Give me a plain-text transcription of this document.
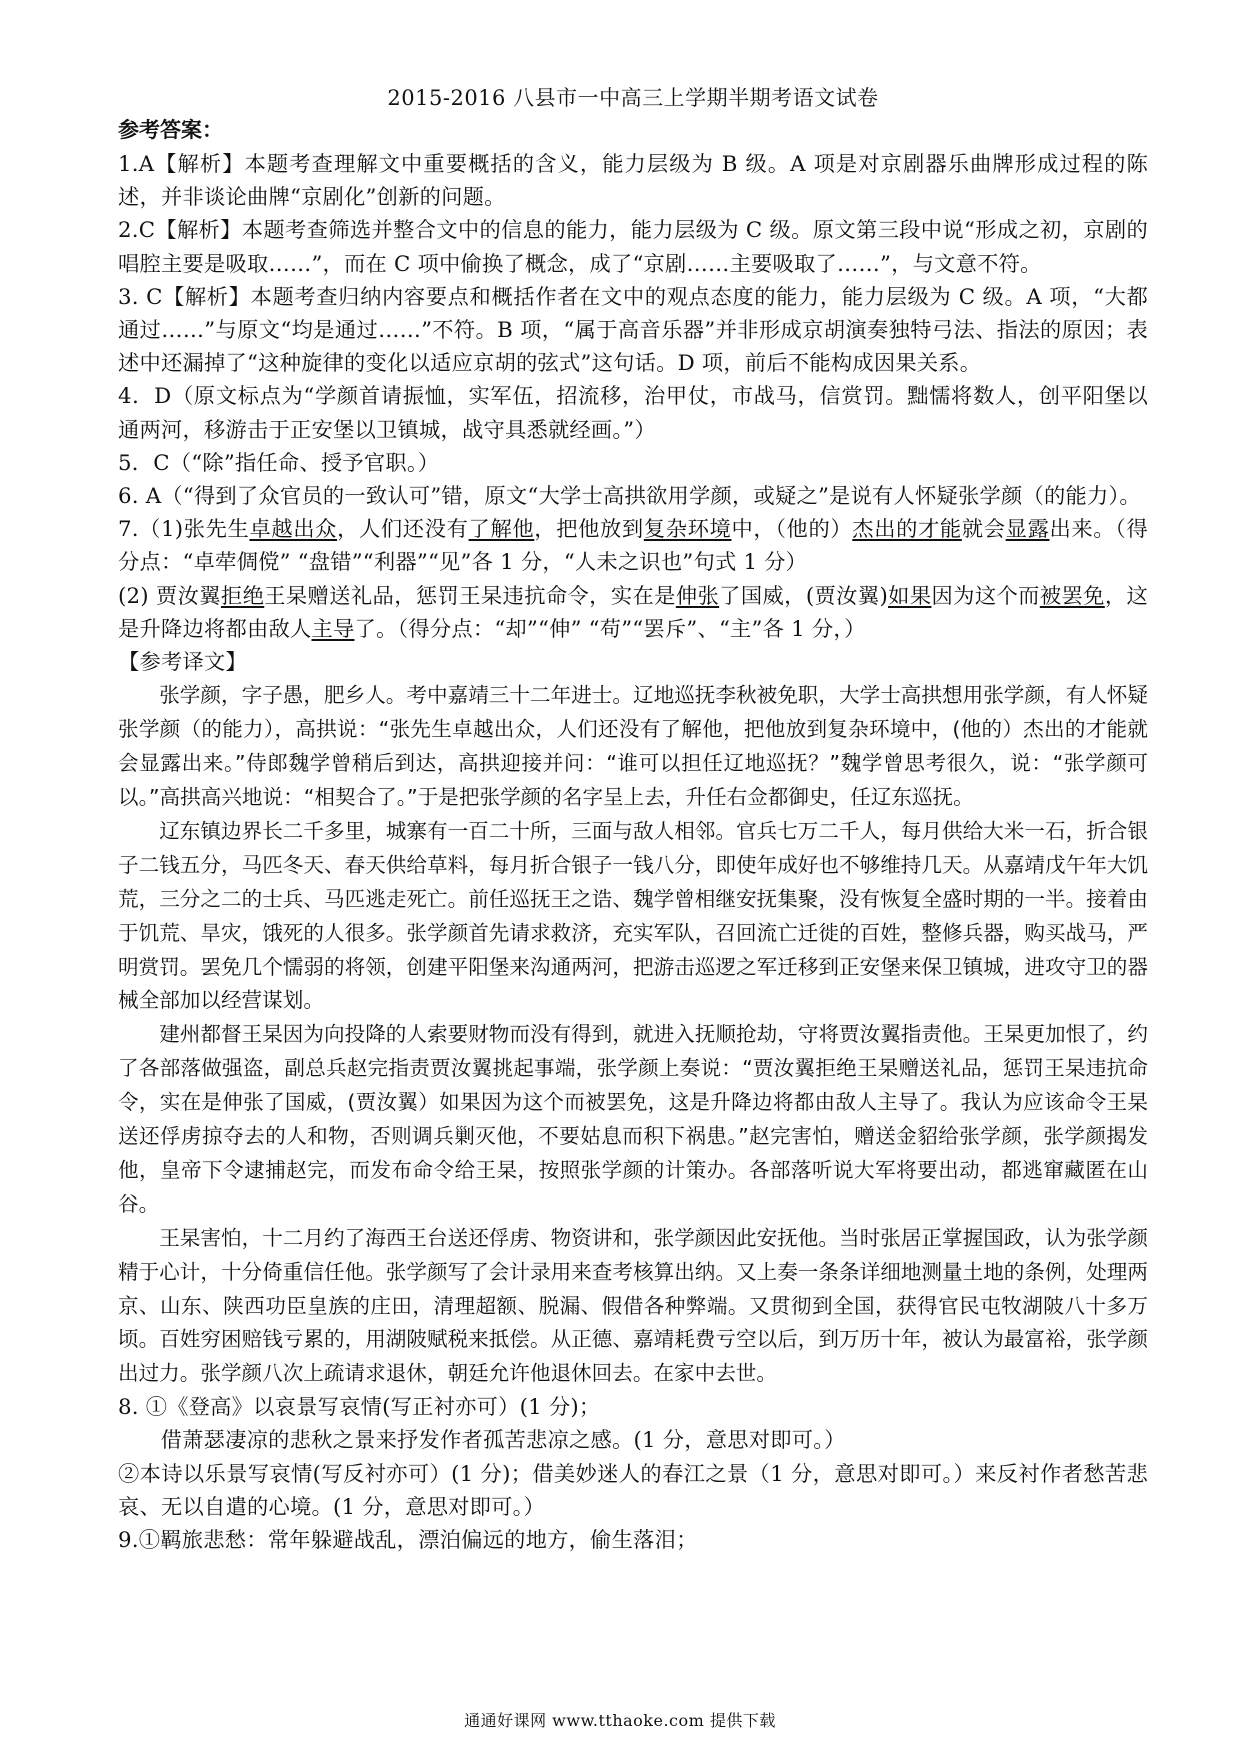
2015-2016 八县市一中高三上学期半期考语文试卷
参考答案：

1.A【解析】本题考查理解文中重要概括的含义，能力层级为 B 级。A 项是对京剧器乐曲牌形成过程的陈述，并非谈论曲牌“京剧化”创新的问题。

2.C【解析】本题考查筛选并整合文中的信息的能力，能力层级为 C 级。原文第三段中说“形成之初，京剧的唱腔主要是吸取……”，而在 C 项中偷换了概念，成了“京剧……主要吸取了……”，与文意不符。

3. C【解析】本题考查归纳内容要点和概括作者在文中的观点态度的能力，能力层级为 C 级。A 项，“大都通过……”与原文“均是通过……”不符。B 项，“属于高音乐器”并非形成京胡演奏独特弓法、指法的原因；表述中还漏掉了“这种旋律的变化以适应京胡的弦式”这句话。D 项，前后不能构成因果关系。

4．D（原文标点为“学颜首请振恤，实军伍，招流移，治甲仗，市战马，信赏罚。黜懦将数人，创平阳堡以通两河，移游击于正安堡以卫镇城，战守具悉就经画。”）

5．C（“除”指任命、授予官职。）

6. A（“得到了众官员的一致认可”错，原文“大学士高拱欲用学颜，或疑之”是说有人怀疑张学颜（的能力）。

7.（1)张先生卓越出众，人们还没有了解他，把他放到复杂环境中，（他的）杰出的才能就会显露出来。（得分点：“卓荦倜傥” “盘错”“利器”“见”各 1 分，“人未之识也”句式 1 分）

(2) 贾汝翼拒绝王杲赠送礼品，惩罚王杲违抗命令，实在是伸张了国威，(贾汝翼)如果因为这个而被罢免，这是升降边将都由敌人主导了。（得分点：“却”“伸” “苟”“罢斥”、“主”各 1 分，）

【参考译文】

张学颜，字子愚，肥乡人。考中嘉靖三十二年进士。辽地巡抚李秋被免职，大学士高拱想用张学颜，有人怀疑张学颜（的能力），高拱说：“张先生卓越出众，人们还没有了解他，把他放到复杂环境中，(他的）杰出的才能就会显露出来。”侍郎魏学曾稍后到达，高拱迎接并问：“谁可以担任辽地巡抚？”魏学曾思考很久，说：“张学颜可以。”高拱高兴地说：“相契合了。”于是把张学颜的名字呈上去，升任右佥都御史，任辽东巡抚。

辽东镇边界长二千多里，城寨有一百二十所，三面与敌人相邻。官兵七万二千人，每月供给大米一石，折合银子二钱五分，马匹冬天、春天供给草料，每月折合银子一钱八分，即使年成好也不够维持几天。从嘉靖戊午年大饥荒，三分之二的士兵、马匹逃走死亡。前任巡抚王之诰、魏学曾相继安抚集聚，没有恢复全盛时期的一半。接着由于饥荒、旱灾，饿死的人很多。张学颜首先请求救济，充实军队，召回流亡迁徙的百姓，整修兵器，购买战马，严明赏罚。罢免几个懦弱的将领，创建平阳堡来沟通两河，把游击巡逻之军迁移到正安堡来保卫镇城，进攻守卫的器械全部加以经营谋划。

建州都督王杲因为向投降的人索要财物而没有得到，就进入抚顺抢劫，守将贾汝翼指责他。王杲更加恨了，约了各部落做强盗，副总兵赵完指责贾汝翼挑起事端，张学颜上奏说：“贾汝翼拒绝王杲赠送礼品，惩罚王杲违抗命令，实在是伸张了国威，(贾汝翼）如果因为这个而被罢免，这是升降边将都由敌人主导了。我认为应该命令王杲送还俘虏掠夺去的人和物，否则调兵剿灭他，不要姑息而积下祸患。”赵完害怕，赠送金貂给张学颜，张学颜揭发他，皇帝下令逮捕赵完，而发布命令给王杲，按照张学颜的计策办。各部落听说大军将要出动，都逃窜藏匿在山谷。

王杲害怕，十二月约了海西王台送还俘虏、物资讲和，张学颜因此安抚他。当时张居正掌握国政，认为张学颜精于心计，十分倚重信任他。张学颜写了会计录用来查考核算出纳。又上奏一条条详细地测量土地的条例，处理两京、山东、陕西功臣皇族的庄田，清理超额、脱漏、假借各种弊端。又贯彻到全国，获得官民屯牧湖陂八十多万顷。百姓穷困赔钱亏累的，用湖陂赋税来抵偿。从正德、嘉靖耗费亏空以后，到万历十年，被认为最富裕，张学颜出过力。张学颜八次上疏请求退休，朝廷允许他退休回去。在家中去世。

8. ①《登高》以哀景写哀情(写正衬亦可）(1 分)；

借萧瑟凄凉的悲秋之景来抒发作者孤苦悲凉之感。(1 分，意思对即可。）

②本诗以乐景写哀情(写反衬亦可）(1 分)；借美妙迷人的春江之景（1 分，意思对即可。）来反衬作者愁苦悲哀、无以自遣的心境。(1 分，意思对即可。）

9.①羁旅悲愁：常年躲避战乱，漂泊偏远的地方，偷生落泪；

通通好课网 www.tthaoke.com 提供下载
